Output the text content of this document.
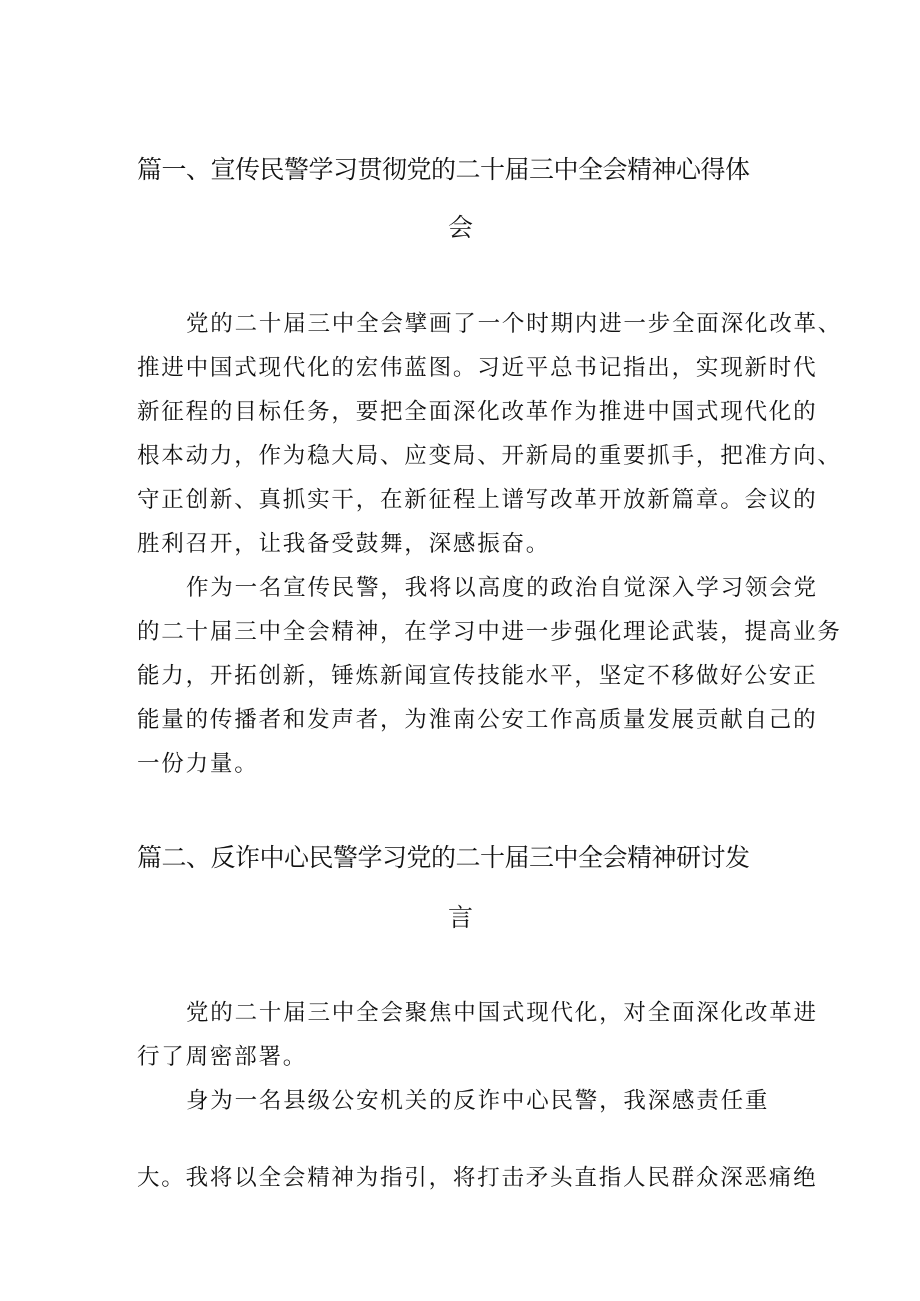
篇一、宣传民警学习贯彻党的二十届三中全会精神心得体
会
党的二十届三中全会擘画了一个时期内进一步全面深化改革、
推进中国式现代化的宏伟蓝图。习近平总书记指出，实现新时代
新征程的目标任务，要把全面深化改革作为推进中国式现代化的
根本动力，作为稳大局、应变局、开新局的重要抓手，把准方向、
守正创新、真抓实干，在新征程上谱写改革开放新篇章。会议的
胜利召开，让我备受鼓舞，深感振奋。
作为一名宣传民警，我将以高度的政治自觉深入学习领会党
的二十届三中全会精神，在学习中进一步强化理论武装，提高业务
能力，开拓创新，锤炼新闻宣传技能水平，坚定不移做好公安正
能量的传播者和发声者，为淮南公安工作高质量发展贡献自己的
一份力量。
篇二、反诈中心民警学习党的二十届三中全会精神研讨发
言
党的二十届三中全会聚焦中国式现代化，对全面深化改革进
行了周密部署。
身为一名县级公安机关的反诈中心民警，我深感责任重
大。我将以全会精神为指引，将打击矛头直指人民群众深恶痛绝
